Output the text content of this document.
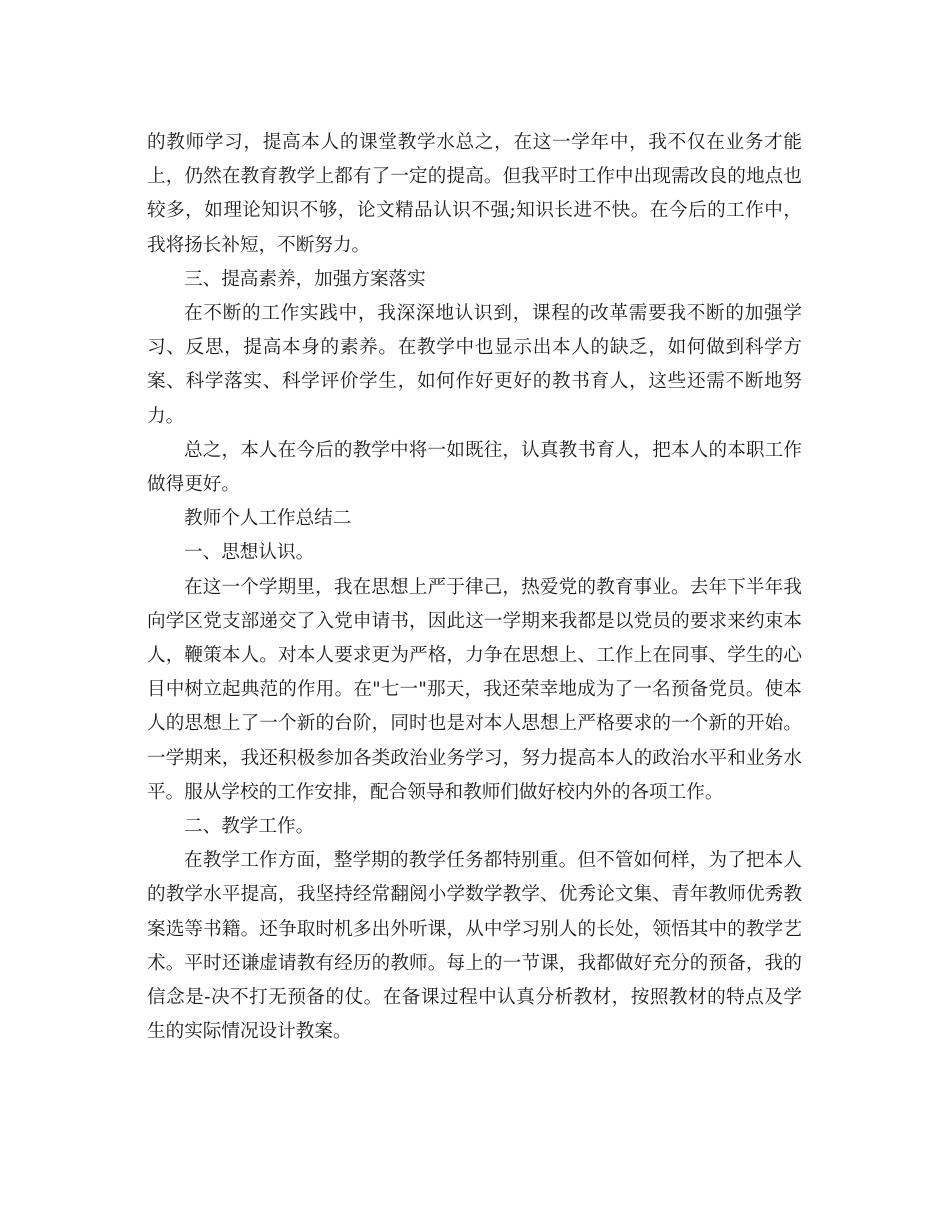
的教师学习，提高本人的课堂教学水总之，在这一学年中，我不仅在业务才能上，仍然在教育教学上都有了一定的提高。但我平时工作中出现需改良的地点也较多，如理论知识不够，论文精品认识不强;知识长进不快。在今后的工作中，我将扬长补短，不断努力。

三、提高素养，加强方案落实

在不断的工作实践中，我深深地认识到，课程的改革需要我不断的加强学习、反思，提高本身的素养。在教学中也显示出本人的缺乏，如何做到科学方案、科学落实、科学评价学生，如何作好更好的教书育人，这些还需不断地努力。

总之，本人在今后的教学中将一如既往，认真教书育人，把本人的本职工作做得更好。

教师个人工作总结二

一、思想认识。

在这一个学期里，我在思想上严于律己，热爱党的教育事业。去年下半年我向学区党支部递交了入党申请书，因此这一学期来我都是以党员的要求来约束本人，鞭策本人。对本人要求更为严格，力争在思想上、工作上在同事、学生的心目中树立起典范的作用。在"七一"那天，我还荣幸地成为了一名预备党员。使本人的思想上了一个新的台阶，同时也是对本人思想上严格要求的一个新的开始。一学期来，我还积极参加各类政治业务学习，努力提高本人的政治水平和业务水平。服从学校的工作安排，配合领导和教师们做好校内外的各项工作。

二、教学工作。

在教学工作方面，整学期的教学任务都特别重。但不管如何样，为了把本人的教学水平提高，我坚持经常翻阅小学数学教学、优秀论文集、青年教师优秀教案选等书籍。还争取时机多出外听课，从中学习别人的长处，领悟其中的教学艺术。平时还谦虚请教有经历的教师。每上的一节课，我都做好充分的预备，我的信念是-决不打无预备的仗。在备课过程中认真分析教材，按照教材的特点及学生的实际情况设计教案。
